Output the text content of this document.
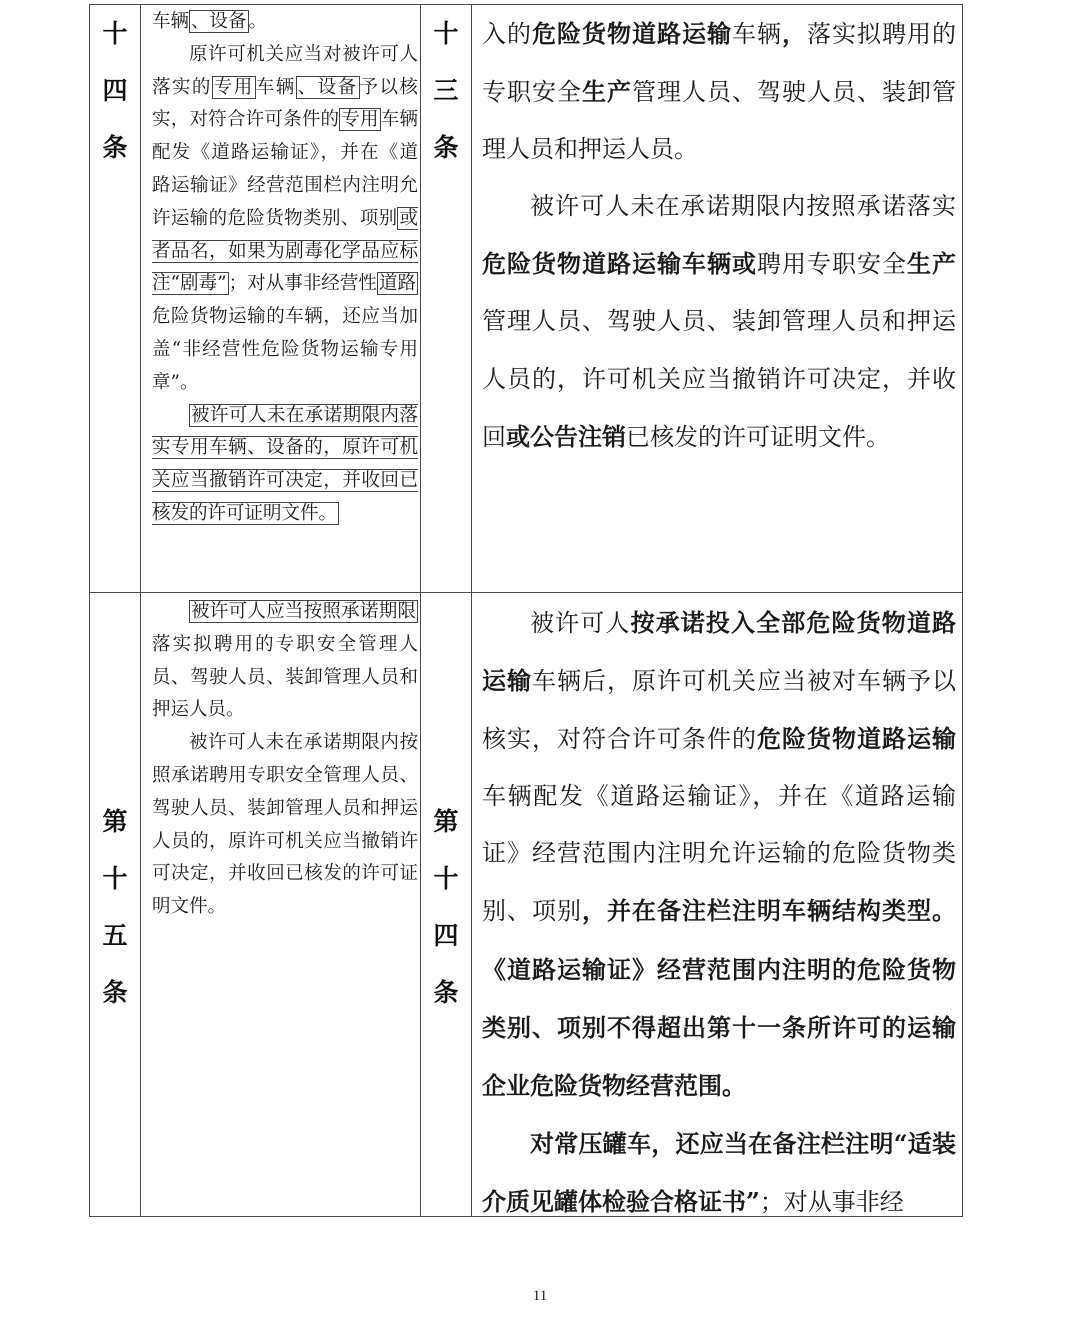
十
四
条
十
三
条

车辆 、设备 。

原许可机关应当对被许可人落实的 专用 车辆 、设备 予以核实，对符合许可条件的 专用 车辆配发《道路运输证》，并在《道路运输证》经营范围栏内注明允许运输的危险货物类别、项别 或者品名，如果为剧毒化学品应标注“剧毒” ；对从事非经营性 道路危险货物运输的车辆，还应当加盖“非经营性危险货物运输专用章”。

被许可人未在承诺期限内落实专用车辆、设备的，原许可机关应当撤销许可决定，并收回已核发的许可证明文件。

入的危险货物道路运输车辆，落实拟聘用的专职安全生产管理人员、驾驶人员、装卸管理人员和押运人员。

被许可人未在承诺期限内按照承诺落实危险货物道路运输车辆或聘用专职安全生产管理人员、驾驶人员、装卸管理人员和押运人员的，许可机关应当撤销许可决定，并收回或公告注销已核发的许可证明文件。

第
十
五
条
第
十
四
条

被许可人应当按照承诺期限落实拟聘用的专职安全管理人员、驾驶人员、装卸管理人员和押运人员。

被许可人未在承诺期限内按照承诺聘用专职安全管理人员、驾驶人员、装卸管理人员和押运人员的，原许可机关应当撤销许可决定，并收回已核发的许可证明文件。

被许可人按承诺投入全部危险货物道路运输车辆后，原许可机关应当被对车辆予以核实，对符合许可条件的危险货物道路运输车辆配发《道路运输证》，并在《道路运输证》经营范围内注明允许运输的危险货物类别、项别，并在备注栏注明车辆结构类型。《道路运输证》经营范围内注明的危险货物类别、项别不得超出第十一条所许可的运输企业危险货物经营范围。

对常压罐车，还应当在备注栏注明“适装介质见罐体检验合格证书”；对从事非经

11
